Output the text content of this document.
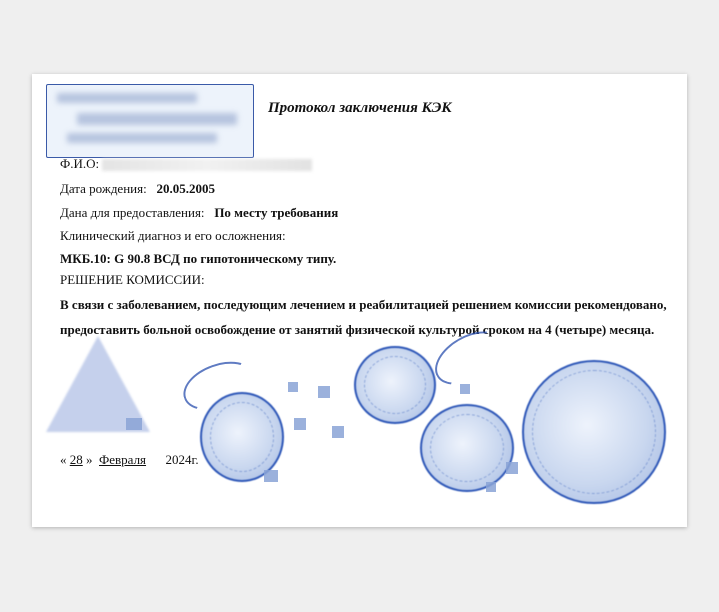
Протокол заключения КЭК
Ф.И.О:
Дата рождения: 20.05.2005
Дана для предоставления: По месту требования
Клинический диагноз и его осложнения:
МКБ.10: G 90.8 ВСД по гипотоническому типу.
РЕШЕНИЕ КОМИССИИ:
В связи с заболеванием, последующим лечением и реабилитацией решением комиссии рекомендовано, предоставить больной освобождение от занятий физической культурой сроком на 4 (четыре) месяца.
« 28 » Февраля 2024г.
